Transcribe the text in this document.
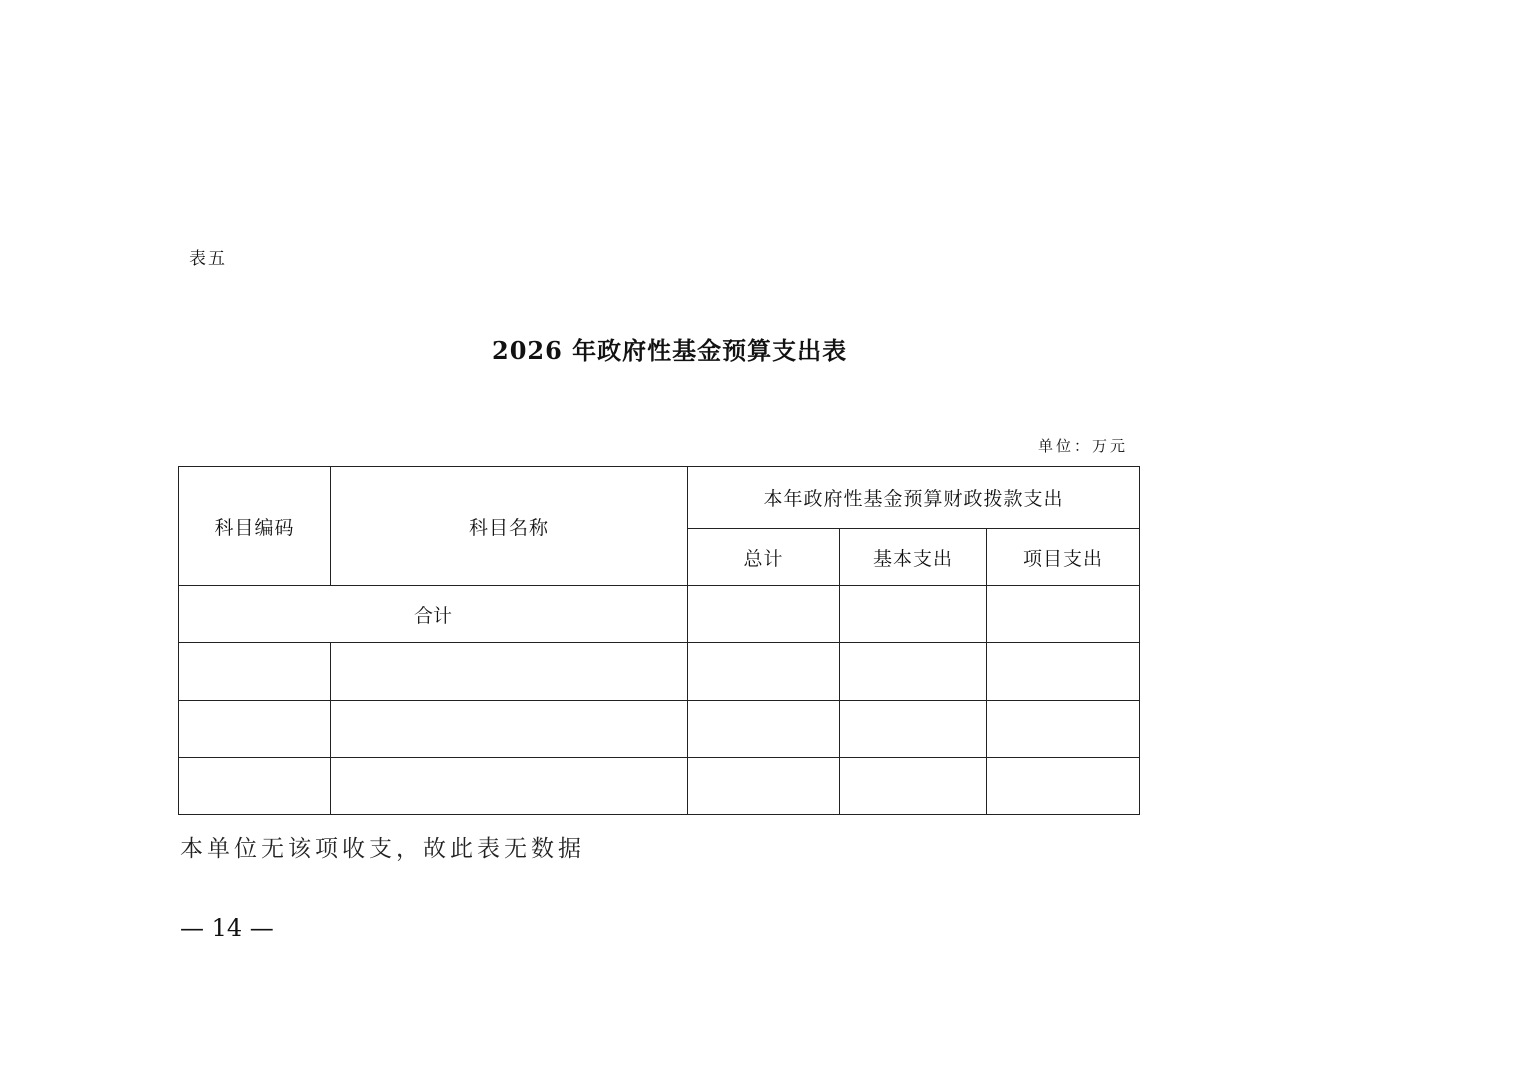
表五
2026 年政府性基金预算支出表
单位：万元
科目编码	科目名称	本年政府性基金预算财政拨款支出		
		总计	基本支出	项目支出
合计				

本单位无该项收支，故此表无数据
— 14 —
